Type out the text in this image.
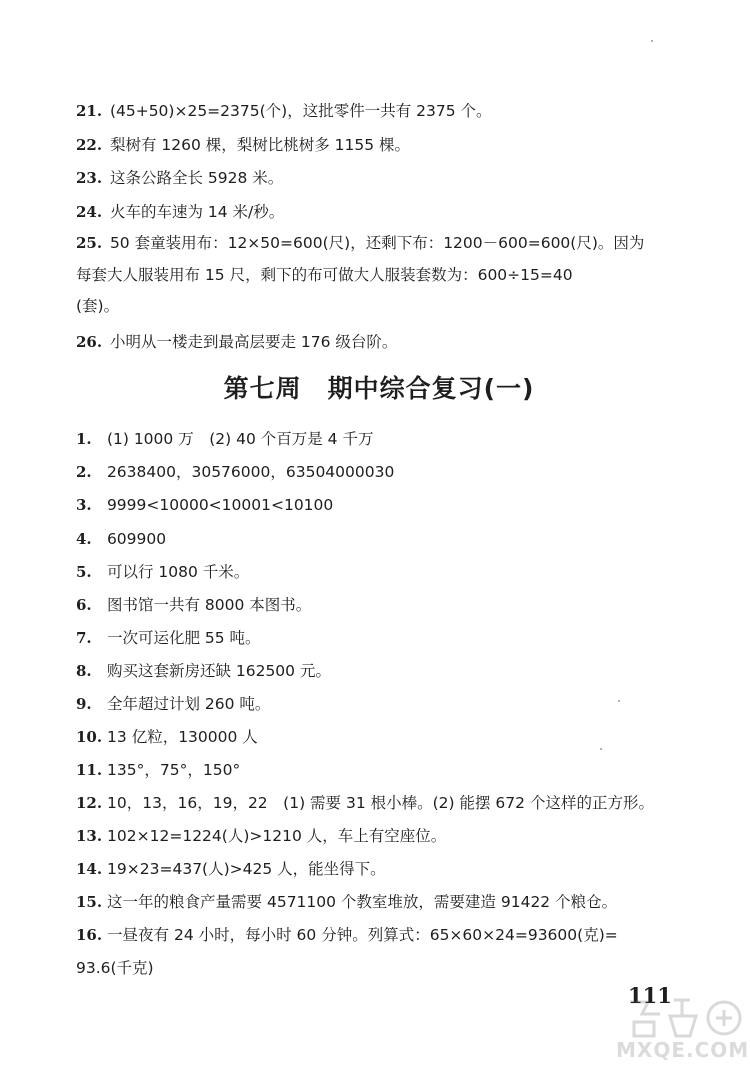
21. (45+50)×25=2375(个)，这批零件一共有 2375 个。
22. 梨树有 1260 棵，梨树比桃树多 1155 棵。
23. 这条公路全长 5928 米。
24. 火车的车速为 14 米/秒。
25. 50 套童装用布：12×50=600(尺)，还剩下布：1200－600=600(尺)。因为
每套大人服装用布 15 尺，剩下的布可做大人服装套数为：600÷15=40
(套)。
26. 小明从一楼走到最高层要走 176 级台阶。
第七周　期中综合复习(一)
1. (1) 1000 万　(2) 40 个百万是 4 千万
2. 2638400，30576000，63504000030
3. 9999<10000<10001<10100
4. 609900
5. 可以行 1080 千米。
6. 图书馆一共有 8000 本图书。
7. 一次可运化肥 55 吨。
8. 购买这套新房还缺 162500 元。
9. 全年超过计划 260 吨。
10. 13 亿粒，130000 人
11. 135°，75°，150°
12. 10，13，16，19，22　(1) 需要 31 根小棒。(2) 能摆 672 个这样的正方形。
13. 102×12=1224(人)>1210 人，车上有空座位。
14. 19×23=437(人)>425 人，能坐得下。
15. 这一年的粮食产量需要 4571100 个教室堆放，需要建造 91422 个粮仓。
16. 一昼夜有 24 小时，每小时 60 分钟。列算式：65×60×24=93600(克)=
93.6(千克)
111
MXQE.COM
